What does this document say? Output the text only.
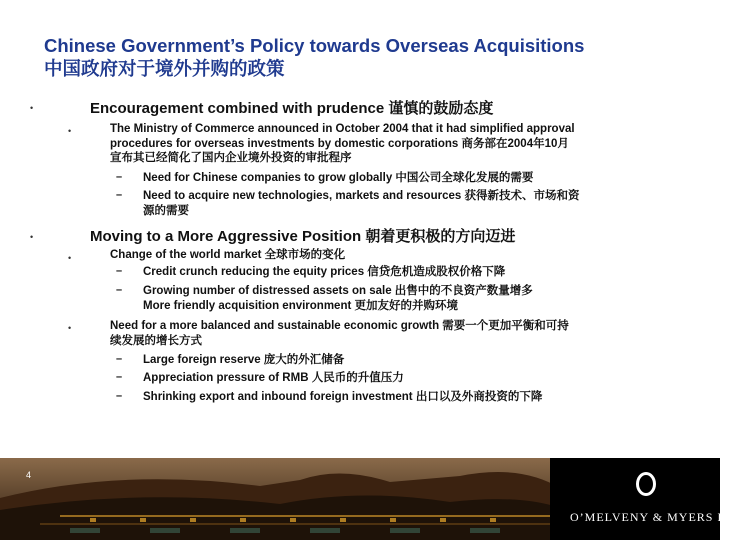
Chinese Government’s Policy towards Overseas Acquisitions
中国政府对于境外并购的政策
•	Encouragement combined with prudence 谨慎的鼓励态度
•	The Ministry of Commerce announced in October 2004 that it had simplified approval
procedures for overseas investments by domestic corporations 商务部在2004年10月
宣布其已经简化了国内企业境外投资的审批程序
– Need for Chinese companies to grow globally 中国公司全球化发展的需要
– Need to acquire new technologies, markets and resources 获得新技术、市场和资
源的需要
•	Moving to a More Aggressive Position 朝着更积极的方向迈进
•	Change of the world market 全球市场的变化
– Credit crunch reducing the equity prices 信贷危机造成股权价格下降
– Growing number of distressed assets on sale 出售中的不良资产数量增多
More friendly acquisition environment 更加友好的并购环境
•	Need for a more balanced and sustainable economic growth 需要一个更加平衡和可持
续发展的增长方式
– Large foreign reserve 庞大的外汇储备
– Appreciation pressure of RMB 人民币的升值压力
– Shrinking export and inbound foreign investment 出口以及外商投资的下降
4
O’MELVENY & MYERS LLP
